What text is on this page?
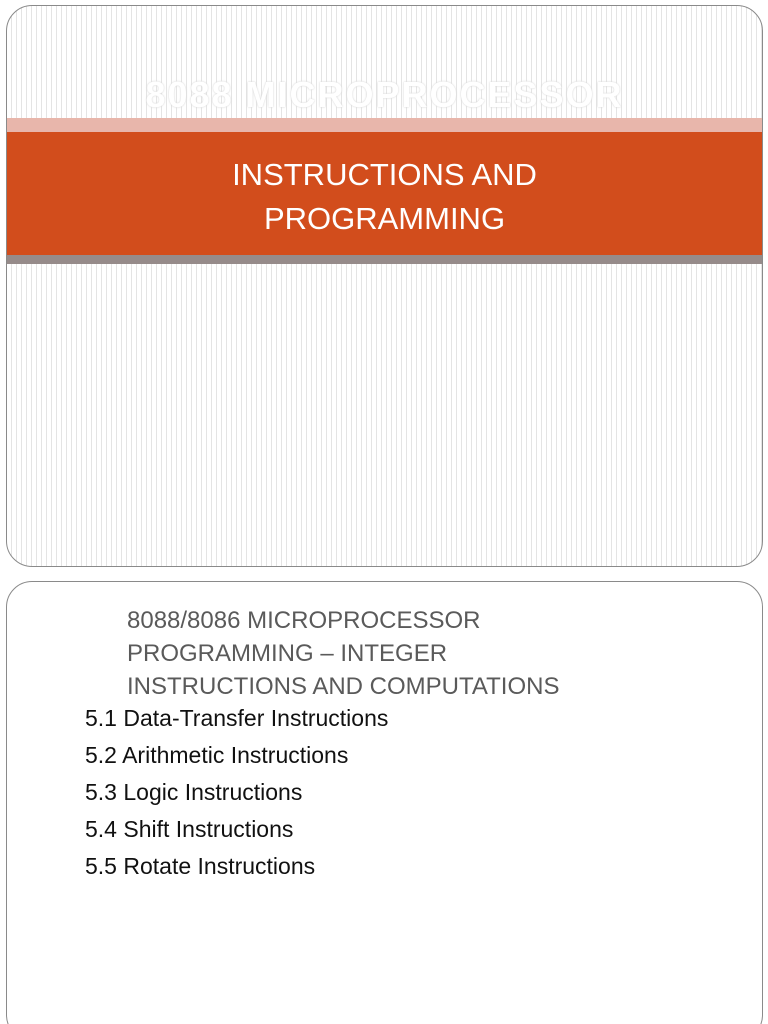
8088 MICROPROCESSOR
INSTRUCTIONS AND
PROGRAMMING
8088/8086 MICROPROCESSOR
PROGRAMMING – INTEGER
INSTRUCTIONS AND COMPUTATIONS
5.1 Data-Transfer Instructions
5.2 Arithmetic Instructions
5.3 Logic Instructions
5.4 Shift Instructions
5.5 Rotate Instructions
